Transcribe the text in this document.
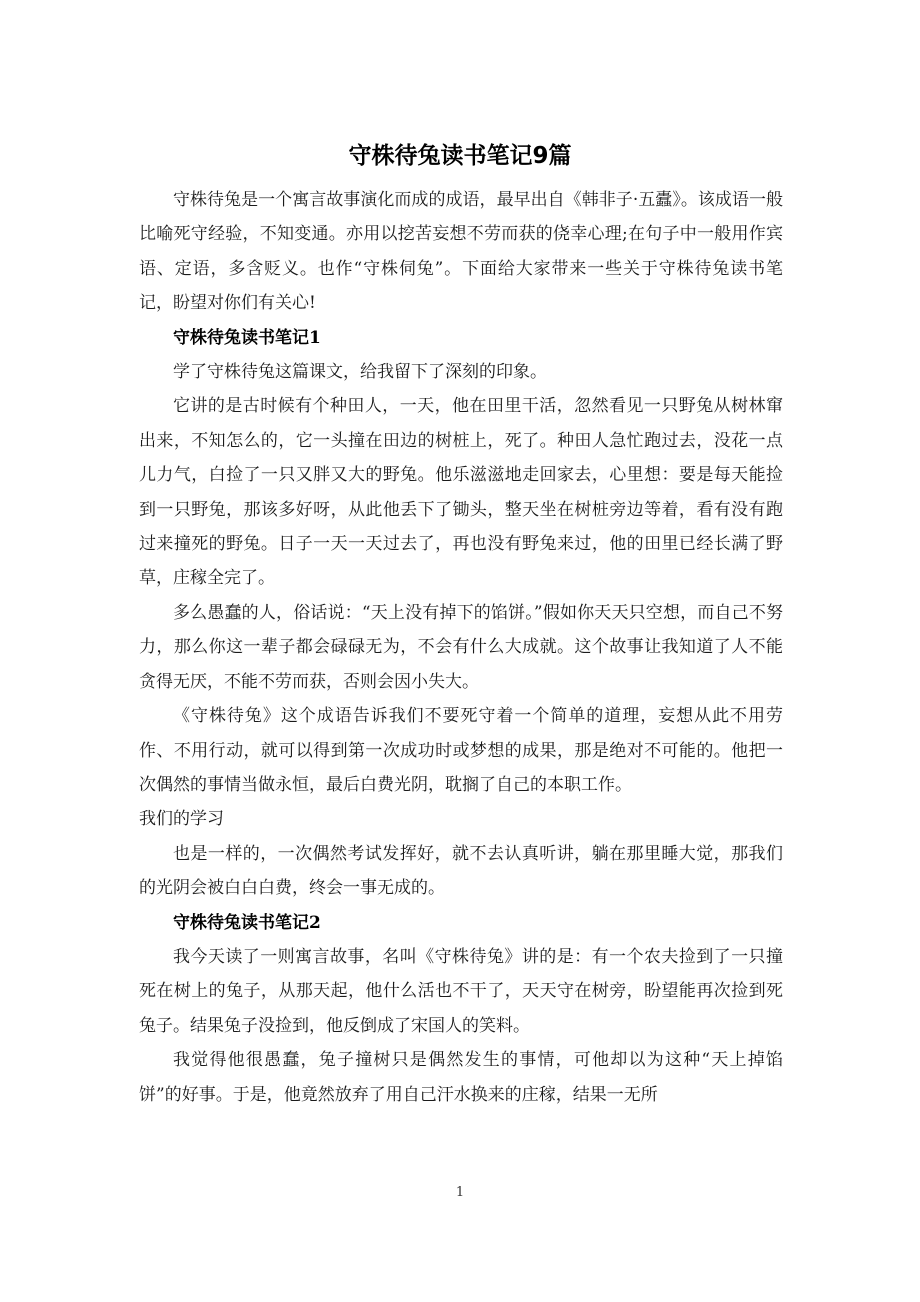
守株待兔读书笔记9篇

守株待兔是一个寓言故事演化而成的成语，最早出自《韩非子·五蠹》。该成语一般比喻死守经验，不知变通。亦用以挖苦妄想不劳而获的侥幸心理;在句子中一般用作宾语、定语，多含贬义。也作“守株伺兔”。下面给大家带来一些关于守株待兔读书笔记，盼望对你们有关心!

守株待兔读书笔记1

学了守株待兔这篇课文，给我留下了深刻的印象。

它讲的是古时候有个种田人，一天，他在田里干活，忽然看见一只野兔从树林窜出来，不知怎么的，它一头撞在田边的树桩上，死了。种田人急忙跑过去，没花一点儿力气，白捡了一只又胖又大的野兔。他乐滋滋地走回家去，心里想：要是每天能捡到一只野兔，那该多好呀，从此他丢下了锄头，整天坐在树桩旁边等着，看有没有跑过来撞死的野兔。日子一天一天过去了，再也没有野兔来过，他的田里已经长满了野草，庄稼全完了。

多么愚蠢的人，俗话说：“天上没有掉下的馅饼。”假如你天天只空想，而自己不努力，那么你这一辈子都会碌碌无为，不会有什么大成就。这个故事让我知道了人不能贪得无厌，不能不劳而获，否则会因小失大。

《守株待兔》这个成语告诉我们不要死守着一个简单的道理，妄想从此不用劳作、不用行动，就可以得到第一次成功时或梦想的成果，那是绝对不可能的。他把一次偶然的事情当做永恒，最后白费光阴，耽搁了自己的本职工作。

我们的学习

也是一样的，一次偶然考试发挥好，就不去认真听讲，躺在那里睡大觉，那我们的光阴会被白白白费，终会一事无成的。

守株待兔读书笔记2

我今天读了一则寓言故事，名叫《守株待兔》讲的是：有一个农夫捡到了一只撞死在树上的兔子，从那天起，他什么活也不干了，天天守在树旁，盼望能再次捡到死兔子。结果兔子没捡到，他反倒成了宋国人的笑料。

我觉得他很愚蠢，兔子撞树只是偶然发生的事情，可他却以为这种“天上掉馅饼”的好事。于是，他竟然放弃了用自己汗水换来的庄稼，结果一无所

1
